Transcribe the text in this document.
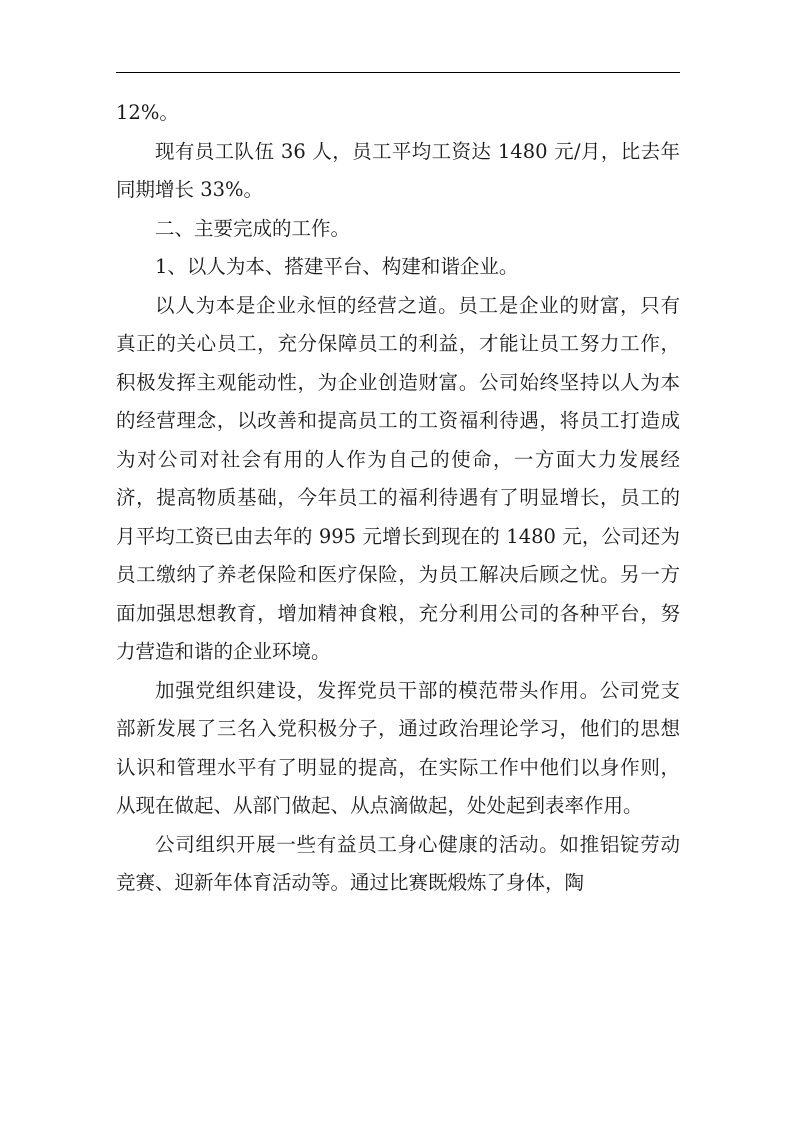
12%。

现有员工队伍 36 人，员工平均工资达 1480 元/月，比去年同期增长 33%。

二、主要完成的工作。

1、以人为本、搭建平台、构建和谐企业。

以人为本是企业永恒的经营之道。员工是企业的财富，只有真正的关心员工，充分保障员工的利益，才能让员工努力工作，积极发挥主观能动性，为企业创造财富。公司始终坚持以人为本的经营理念，以改善和提高员工的工资福利待遇，将员工打造成为对公司对社会有用的人作为自己的使命，一方面大力发展经济，提高物质基础，今年员工的福利待遇有了明显增长，员工的月平均工资已由去年的 995 元增长到现在的 1480 元，公司还为员工缴纳了养老保险和医疗保险，为员工解决后顾之忧。另一方面加强思想教育，增加精神食粮，充分利用公司的各种平台，努力营造和谐的企业环境。

加强党组织建设，发挥党员干部的模范带头作用。公司党支部新发展了三名入党积极分子，通过政治理论学习，他们的思想认识和管理水平有了明显的提高，在实际工作中他们以身作则，从现在做起、从部门做起、从点滴做起，处处起到表率作用。

公司组织开展一些有益员工身心健康的活动。如推铝锭劳动竞赛、迎新年体育活动等。通过比赛既煅炼了身体，陶
